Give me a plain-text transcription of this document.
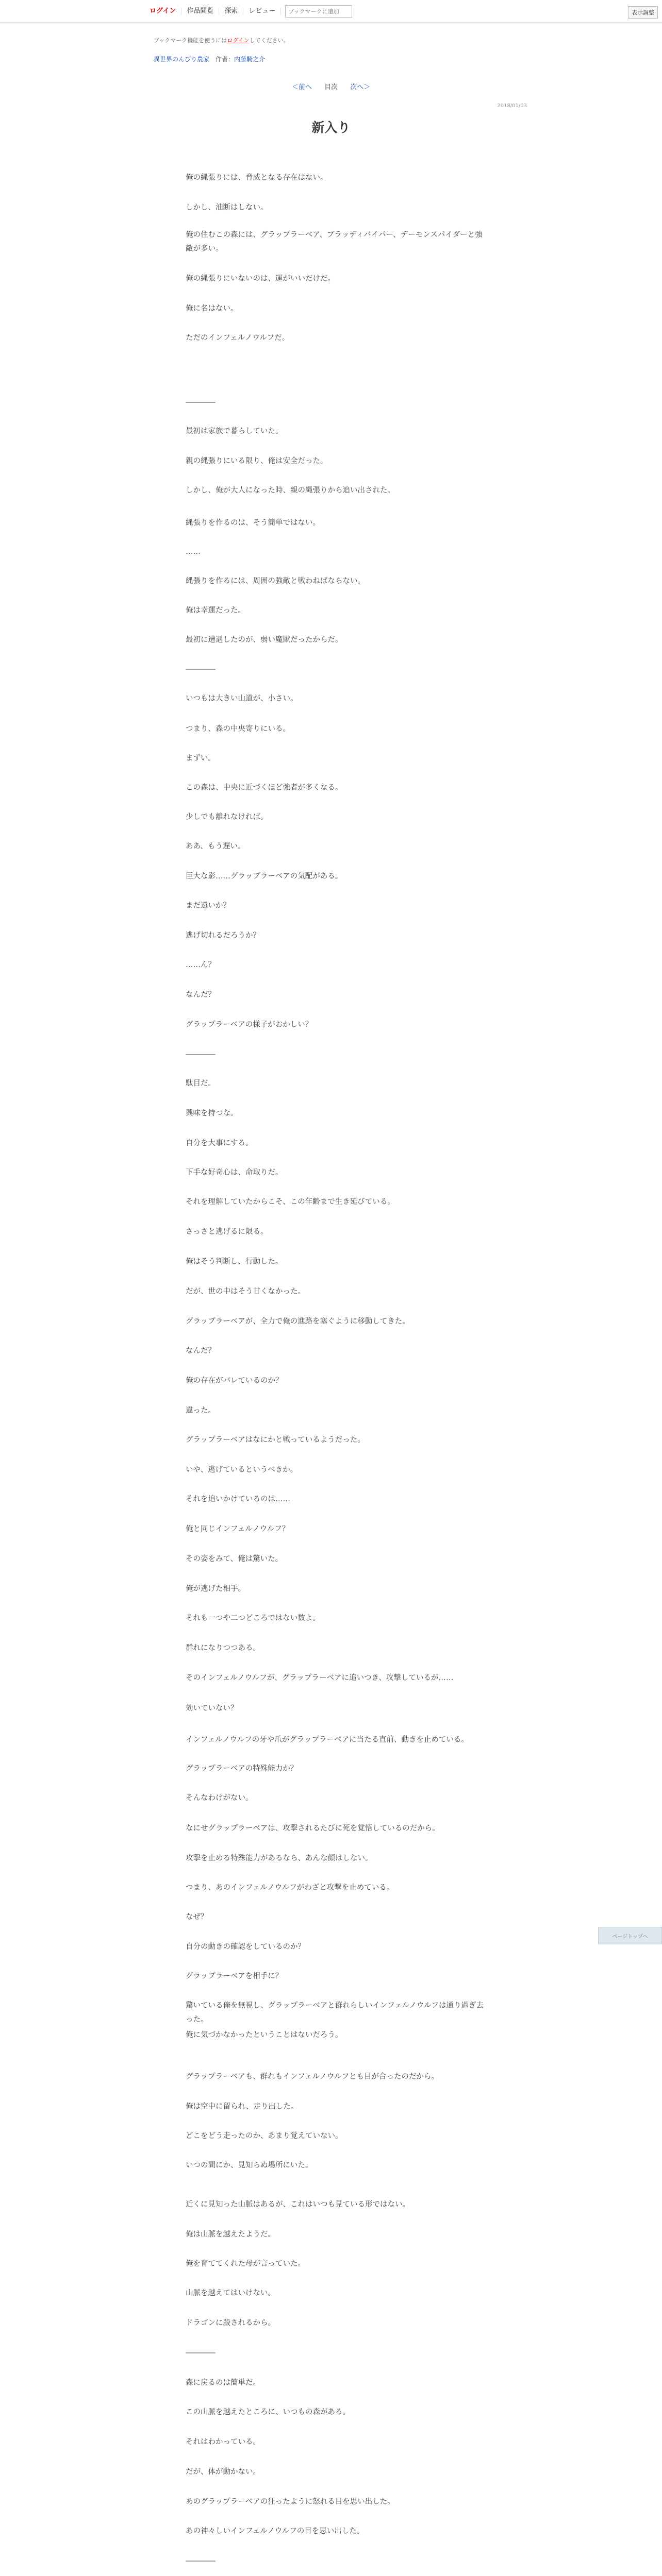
ログイン	作品閲覧	探索	レビュー
ブックマークに追加	表示調整
ブックマーク機能を使うにはログインしてください。
異世界のんびり農家 作者：内藤騎之介
＜前へ 目次 次へ＞
2018/01/03
新入り

俺の縄張りには、脅威となる存在はない。

しかし、油断はしない。

俺の住むこの森には、グラップラーベア、ブラッディバイパー、デーモンスパイダーと強敵が多い。

俺の縄張りにいないのは、運がいいだけだ。

俺に名はない。

ただのインフェルノウルフだ。

――――

最初は家族で暮らしていた。

親の縄張りにいる限り、俺は安全だった。

しかし、俺が大人になった時、親の縄張りから追い出された。

縄張りを作るのは、そう簡単ではない。

……

縄張りを作るには、周囲の強敵と戦わねばならない。

俺は幸運だった。

最初に遭遇したのが、弱い魔獣だったからだ。

――――

いつもは大きい山道が、小さい。

つまり、森の中央寄りにいる。

まずい。

この森は、中央に近づくほど強者が多くなる。

少しでも離れなければ。

ああ、もう遅い。

巨大な影……グラップラーベアの気配がある。

まだ遠いか？

逃げ切れるだろうか？

……ん？

なんだ？

グラップラーベアの様子がおかしい？

――――

駄目だ。

興味を持つな。

自分を大事にする。

下手な好奇心は、命取りだ。

それを理解していたからこそ、この年齢まで生き延びている。

さっさと逃げるに限る。

俺はそう判断し、行動した。

だが、世の中はそう甘くなかった。

グラップラーベアが、全力で俺の進路を塞ぐように移動してきた。

なんだ？

俺の存在がバレているのか？

違った。

グラップラーベアはなにかと戦っているようだった。

いや、逃げているというべきか。

それを追いかけているのは……

俺と同じインフェルノウルフ？

その姿をみて、俺は驚いた。

俺が逃げた相手。

それも一つや二つどころではない数よ。

群れになりつつある。

そのインフェルノウルフが、グラップラーベアに追いつき、攻撃しているが……

効いていない？

インフェルノウルフの牙や爪がグラップラーベアに当たる直前、動きを止めている。

グラップラーベアの特殊能力か？

そんなわけがない。

なにせグラップラーベアは、攻撃されるたびに死を覚悟しているのだから。

攻撃を止める特殊能力があるなら、あんな顔はしない。

つまり、あのインフェルノウルフがわざと攻撃を止めている。

なぜ？

自分の動きの確認をしているのか？

グラップラーベアを相手に？

驚いている俺を無視し、グラップラーベアと群れらしいインフェルノウルフは通り過ぎ去った。

俺に気づかなかったということはないだろう。

グラップラーベアも、群れもインフェルノウルフとも目が合ったのだから。

俺は空中に留られ、走り出した。

どこをどう走ったのか、あまり覚えていない。

いつの間にか、見知らぬ場所にいた。

近くに見知った山脈はあるが、これはいつも見ている形ではない。

俺は山脈を越えたようだ。

俺を育ててくれた母が言っていた。

山脈を越えてはいけない。

ドラゴンに殺されるから。

――――

森に戻るのは簡単だ。

この山脈を越えたところに、いつもの森がある。

それはわかっている。

だが、体が動かない。

あのグラップラーベアの狂ったように怒れる目を思い出した。

あの神々しいインフェルノウルフの目を思い出した。

――――

ページトップへ
